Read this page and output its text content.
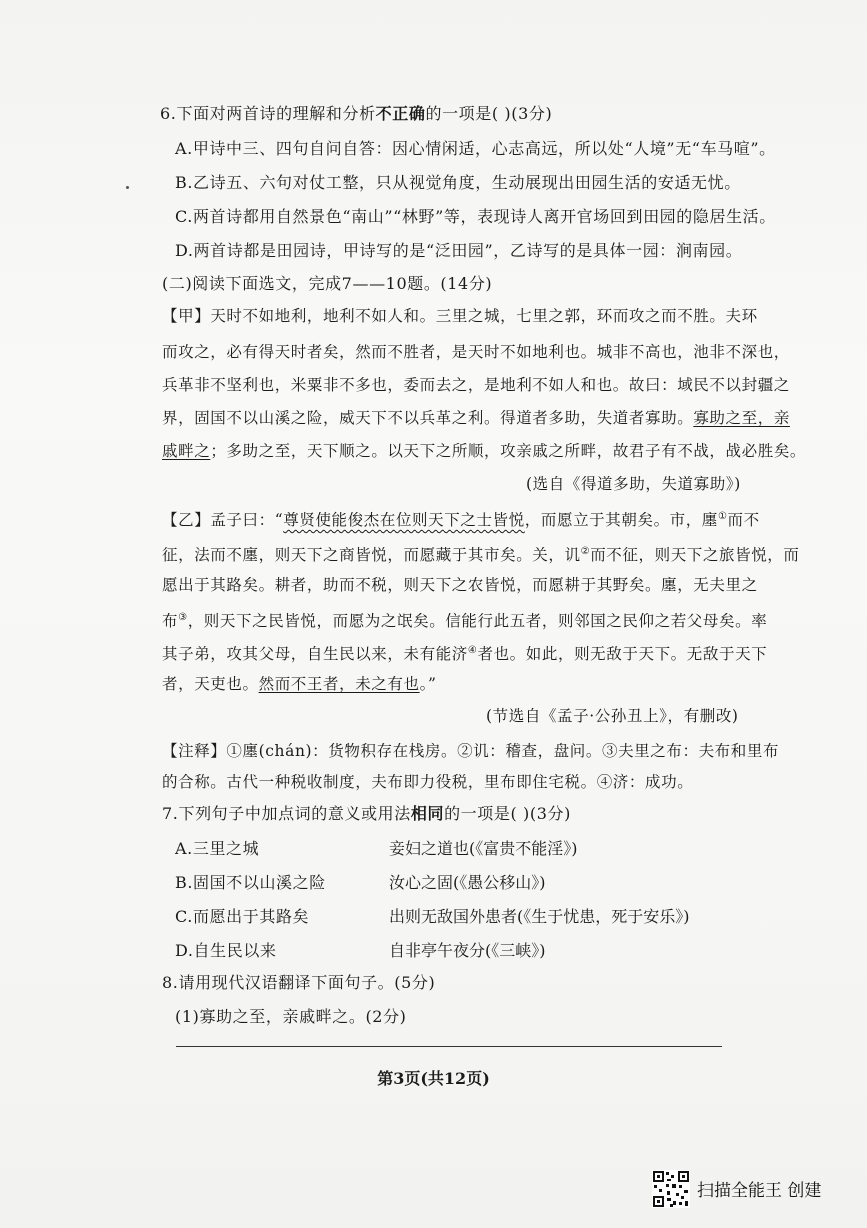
6.下面对两首诗的理解和分析不正确的一项是( )(3分)
A.甲诗中三、四句自问自答：因心情闲适，心志高远，所以处“人境”无“车马喧”。
B.乙诗五、六句对仗工整，只从视觉角度，生动展现出田园生活的安适无忧。
C.两首诗都用自然景色“南山”“林野”等，表现诗人离开官场回到田园的隐居生活。
D.两首诗都是田园诗，甲诗写的是“泛田园”，乙诗写的是具体一园：涧南园。
(二)阅读下面选文，完成7——10题。(14分)
【甲】天时不如地利，地利不如人和。三里之城，七里之郭，环而攻之而不胜。夫环
而攻之，必有得天时者矣，然而不胜者，是天时不如地利也。城非不高也，池非不深也，
兵革非不坚利也，米粟非不多也，委而去之，是地利不如人和也。故曰：域民不以封疆之
界，固国不以山溪之险，威天下不以兵革之利。得道者多助，失道者寡助。寡助之至，亲
戚畔之；多助之至，天下顺之。以天下之所顺，攻亲戚之所畔，故君子有不战，战必胜矣。
(选自《得道多助，失道寡助》)
【乙】孟子曰：“尊贤使能俊杰在位则天下之士皆悦，而愿立于其朝矣。市，廛①而不
征，法而不廛，则天下之商皆悦，而愿藏于其市矣。关，讥②而不征，则天下之旅皆悦，而
愿出于其路矣。耕者，助而不税，则天下之农皆悦，而愿耕于其野矣。廛，无夫里之
布③，则天下之民皆悦，而愿为之氓矣。信能行此五者，则邻国之民仰之若父母矣。率
其子弟，攻其父母，自生民以来，未有能济④者也。如此，则无敌于天下。无敌于天下
者，天吏也。然而不王者，未之有也。”
(节选自《孟子·公孙丑上》，有删改)
【注释】①廛(chán)：货物积存在栈房。②讥：稽查，盘问。③夫里之布：夫布和里布
的合称。古代一种税收制度，夫布即力役税，里布即住宅税。④济：成功。
7.下列句子中加点词的意义或用法相同的一项是( )(3分)
A.三里之城	妾妇之道也(《富贵不能淫》)
B.固国不以山溪之险	汝心之固(《愚公移山》)
C.而愿出于其路矣	出则无敌国外患者(《生于忧患，死于安乐》)
D.自生民以来	自非亭午夜分(《三峡》)
8.请用现代汉语翻译下面句子。(5分)
(1)寡助之至，亲戚畔之。(2分)
第3页(共12页)
扫描全能王 创建
